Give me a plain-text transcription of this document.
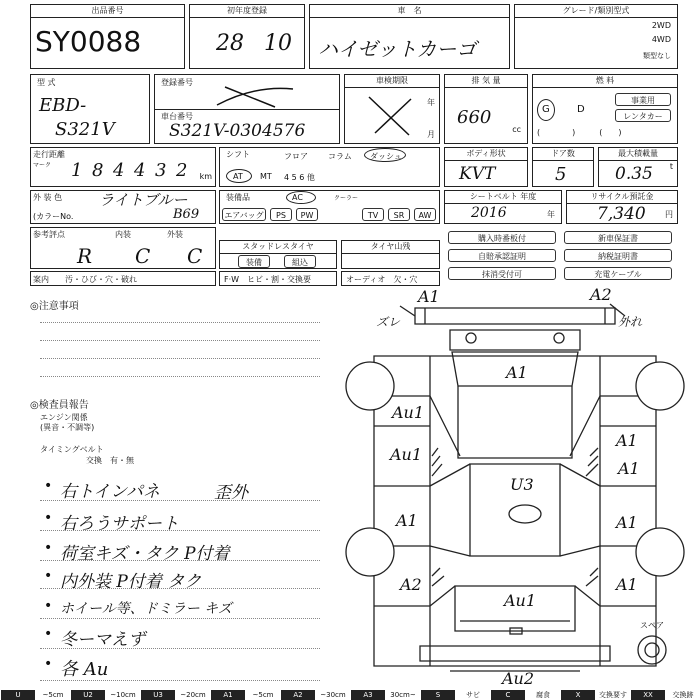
出品番号
SY0088
初年度登録
28 10
車　名
ハイゼットカーゴ
グレード/類別型式
2WD
4WD
類型なし
型 式
EBD-
S321V
登録番号
車台番号
S321V-0304576
車検期限
年
月
排 気 量
660
cc
燃 料
G	D
事業用
レンタカー
(　　　　)　　　(　　)
走行距離
マーク 1 8 4 4 3 2	km
シフト	フロア	コラム ダッシュ
AT MT 4 5 6 他
ボディ形状
KVT
ドア数
5
最大積載量
0.35 t
外 装 色 ライトブルー
(カラーNo.	B69
装備品	AC	クーラー
エアバッグ	PS	PW	TV	SR	AW
シートベルト 年度
2016	年
リサイクル預託金
7,340 円
参考評点	内装	外装
R C C	スタッドレスタイヤ
装備	組込
タイヤ山残
購入時番板付	新車保証書
自賠承認証明	納税証明書
抹消受付可	充電ケーブル
案内 汚・ひび・穴・破れ	F·W　ヒビ・割・交換要	オーディオ　欠・穴
◎注意事項
◎検査員報告
エンジン関係
(異音・不調等)
タイミングベルト
交換　有・無
• 右トインパネ	歪外
• 右ろうサポート
• 荷室キズ・タク P付着
• 内外装 P付着 タク
• ホイール等、ドミラー キズ
• 冬ーマえず
• 各 Au
A1	A2
ズレ	外れ
A1
Au1
Au1
A1
A2
A1
A1
A1
A1
U3
Au1
Au2
スペア
U	~5cm	U2	~10cm	U3	~20cm	A1	~5cm	A2	~30cm	A3	30cm~	S	サビ	C	腐食	X	交換要す	XX	交換跡
